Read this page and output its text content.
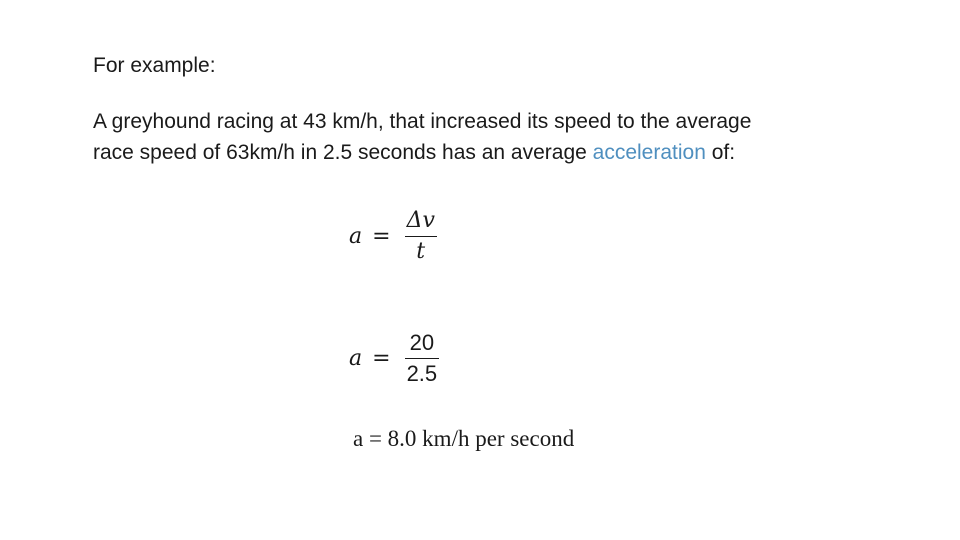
For example:
A greyhound racing at 43 km/h, that increased its speed to the average
race speed of 63km/h in 2.5 seconds has an average acceleration of:
$a = \frac{\Delta v}{t}$
$a = \frac{20}{2.5}$
a = 8.0 km/h per second
